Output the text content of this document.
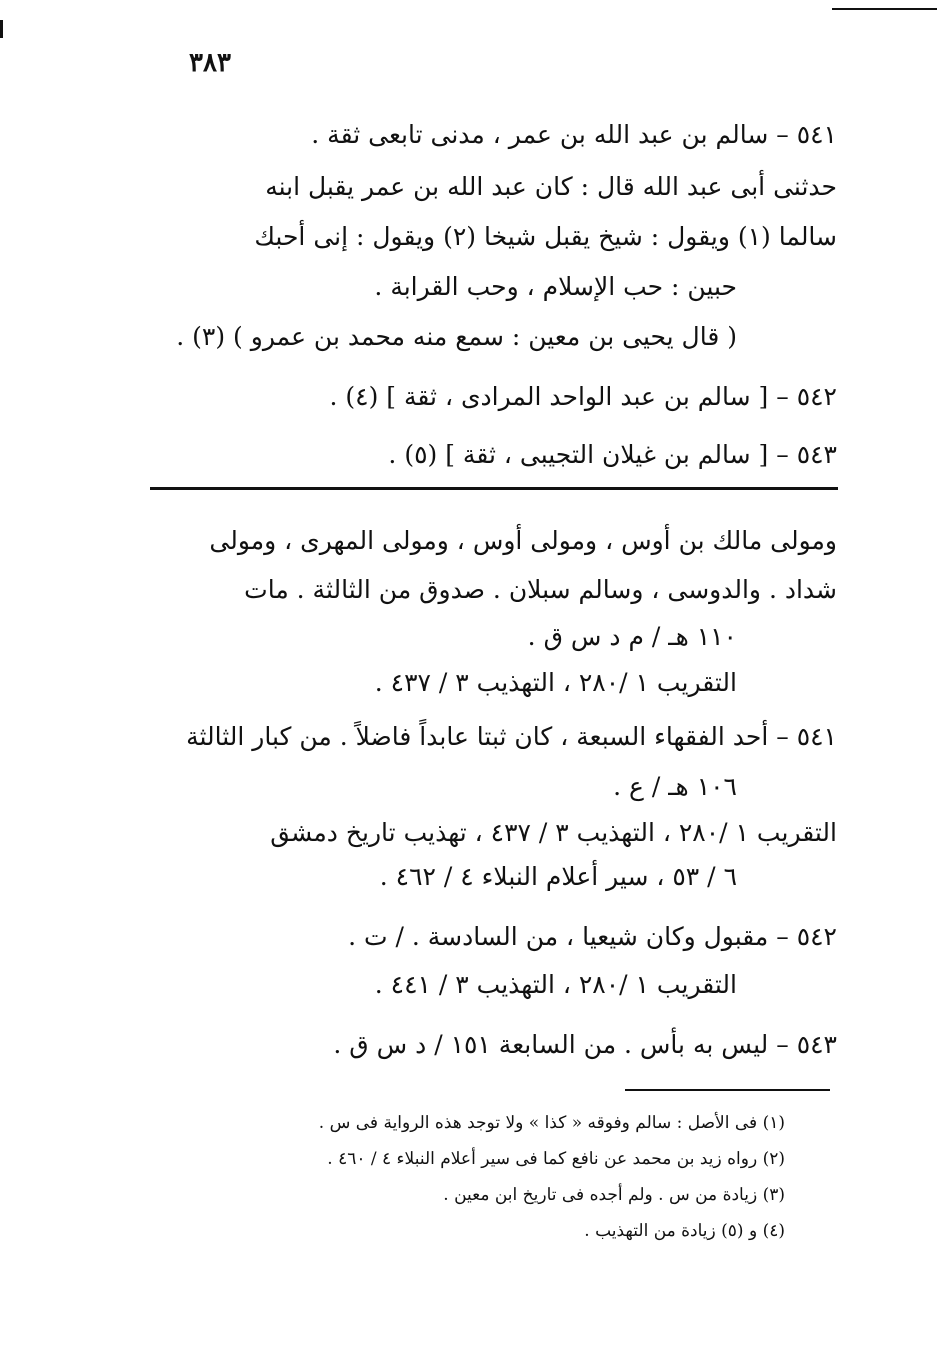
٣٨٣
٥٤١ – سالم بن عبد الله بن عمر ، مدنى تابعى ثقة .
حدثنى أبى عبد الله قال : كان عبد الله بن عمر يقبل ابنه
سالما (١) ويقول : شيخ يقبل شيخا (٢) ويقول : إنى أحبك
حبين : حب الإسلام ، وحب القرابة .
( قال يحيى بن معين : سمع منه محمد بن عمرو ) (٣) .
٥٤٢ – [ سالم بن عبد الواحد المرادى ، ثقة ] (٤) .
٥٤٣ – [ سالم بن غيلان التجيبى ، ثقة ] (٥) .
ومولى مالك بن أوس ، ومولى أوس ، ومولى المهرى ، ومولى
شداد . والدوسى ، وسالم سبلان . صدوق من الثالثة . مات
١١٠ هـ / م د س ق .
التقريب ١ /٢٨٠ ، التهذيب ٣ / ٤٣٧ .
٥٤١ – أحد الفقهاء السبعة ، كان ثبتا عابداً فاضلاً . من كبار الثالثة
١٠٦ هـ / ع .
التقريب ١ /٢٨٠ ، التهذيب ٣ / ٤٣٧ ، تهذيب تاريخ دمشق
٦ / ٥٣ ، سير أعلام النبلاء ٤ / ٤٦٢ .
٥٤٢ – مقبول وكان شيعيا ، من السادسة . / ت .
التقريب ١ /٢٨٠ ، التهذيب ٣ / ٤٤١ .
٥٤٣ – ليس به بأس . من السابعة ١٥١ / د س ق .
(١) فى الأصل : سالم وفوقه « كذا » ولا توجد هذه الرواية فى س .
(٢) رواه زيد بن محمد عن نافع كما فى سير أعلام النبلاء ٤ / ٤٦٠ .
(٣) زيادة من س . ولم أجده فى تاريخ ابن معين .
(٤) و (٥) زيادة من التهذيب .
